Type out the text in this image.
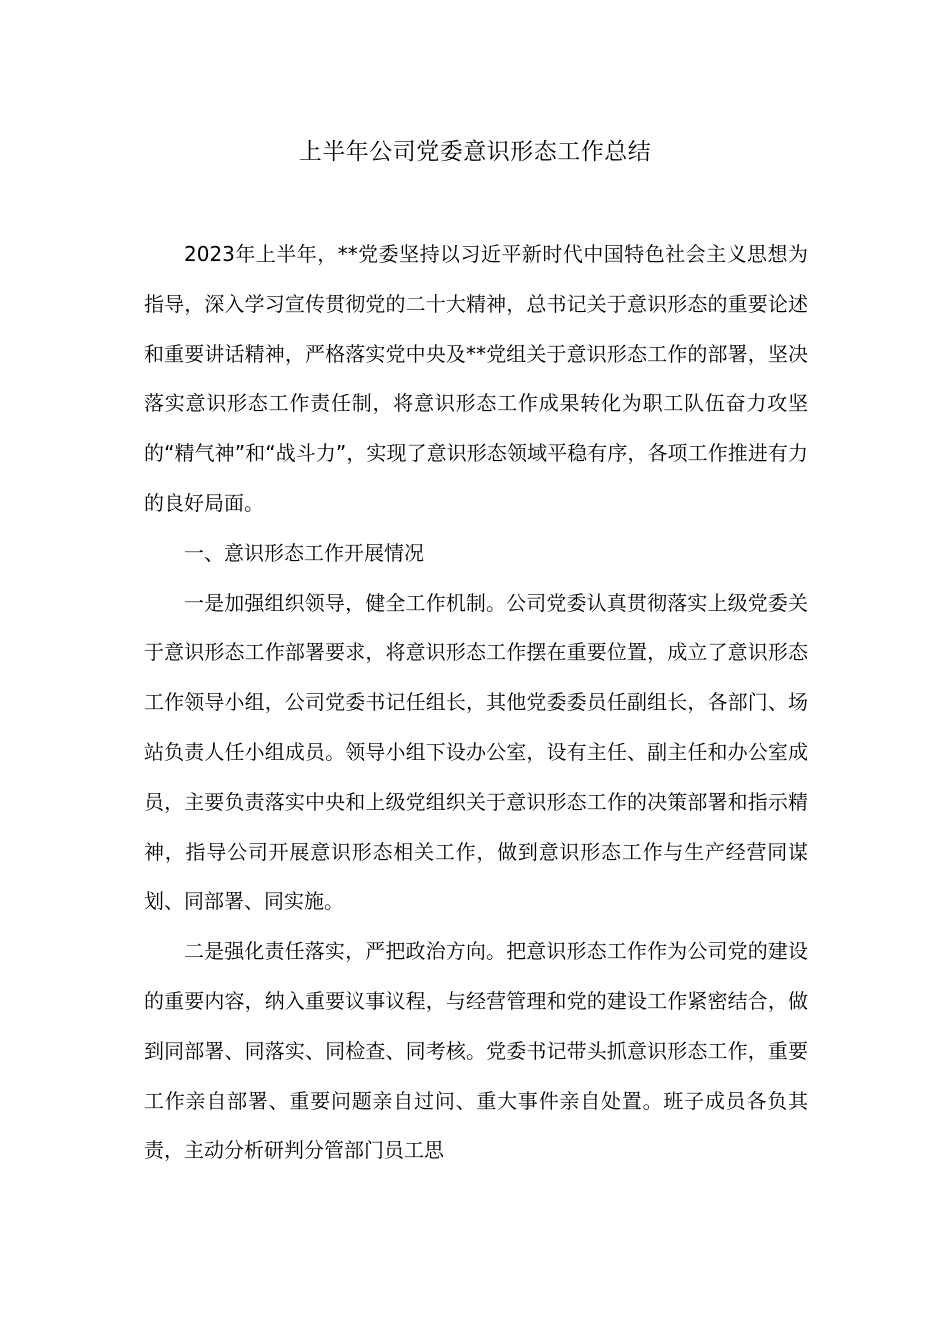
上半年公司党委意识形态工作总结

2023年上半年，**党委坚持以习近平新时代中国特色社会主义思想为指导，深入学习宣传贯彻党的二十大精神，总书记关于意识形态的重要论述和重要讲话精神，严格落实党中央及**党组关于意识形态工作的部署，坚决落实意识形态工作责任制，将意识形态工作成果转化为职工队伍奋力攻坚的“精气神”和“战斗力”，实现了意识形态领域平稳有序，各项工作推进有力的良好局面。

一、意识形态工作开展情况

一是加强组织领导，健全工作机制。公司党委认真贯彻落实上级党委关于意识形态工作部署要求，将意识形态工作摆在重要位置，成立了意识形态工作领导小组，公司党委书记任组长，其他党委委员任副组长，各部门、场站负责人任小组成员。领导小组下设办公室，设有主任、副主任和办公室成员，主要负责落实中央和上级党组织关于意识形态工作的决策部署和指示精神，指导公司开展意识形态相关工作，做到意识形态工作与生产经营同谋划、同部署、同实施。

二是强化责任落实，严把政治方向。把意识形态工作作为公司党的建设的重要内容，纳入重要议事议程，与经营管理和党的建设工作紧密结合，做到同部署、同落实、同检查、同考核。党委书记带头抓意识形态工作，重要工作亲自部署、重要问题亲自过问、重大事件亲自处置。班子成员各负其责，主动分析研判分管部门员工思
